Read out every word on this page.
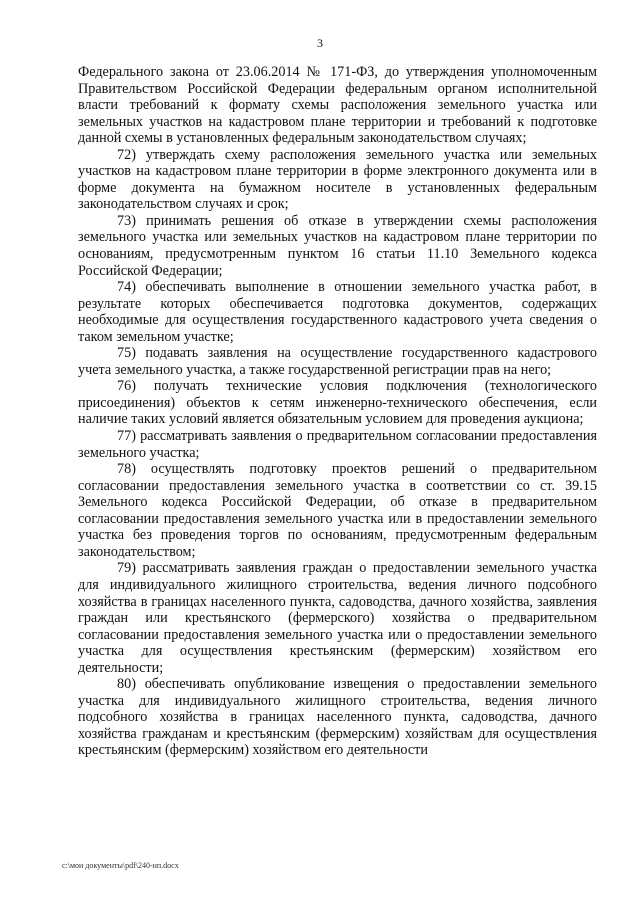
3

Федерального закона от 23.06.2014 № 171-ФЗ, до утверждения уполномоченным Правительством Российской Федерации федеральным органом исполнительной власти требований к формату схемы расположения земельного участка или земельных участков на кадастровом плане территории и требований к подготовке данной схемы в установленных федеральным законодательством случаях;

72) утверждать схему расположения земельного участка или земельных участков на кадастровом плане территории в форме электронного документа или в форме документа на бумажном носителе в установленных федеральным законодательством случаях и срок;

73) принимать решения об отказе в утверждении схемы расположения земельного участка или земельных участков на кадастровом плане территории по основаниям, предусмотренным пунктом 16 статьи 11.10 Земельного кодекса Российской Федерации;

74) обеспечивать выполнение в отношении земельного участка работ, в результате которых обеспечивается подготовка документов, содержащих необходимые для осуществления государственного кадастрового учета сведения о таком земельном участке;

75) подавать заявления на осуществление государственного кадастрового учета земельного участка, а также государственной регистрации прав на него;

76) получать технические условия подключения (технологического присоединения) объектов к сетям инженерно-технического обеспечения, если наличие таких условий является обязательным условием для проведения аукциона;

77) рассматривать заявления о предварительном согласовании предоставления земельного участка;

78) осуществлять подготовку проектов решений о предварительном согласовании предоставления земельного участка в соответствии со ст. 39.15 Земельного кодекса Российской Федерации, об отказе в предварительном согласовании предоставления земельного участка или в предоставлении земельного участка без проведения торгов по основаниям, предусмотренным федеральным законодательством;

79) рассматривать заявления граждан о предоставлении земельного участка для индивидуального жилищного строительства, ведения личного подсобного хозяйства в границах населенного пункта, садоводства, дачного хозяйства, заявления граждан или крестьянского (фермерского) хозяйства о предварительном согласовании предоставления земельного участка или о предоставлении земельного участка для осуществления крестьянским (фермерским) хозяйством его деятельности;

80) обеспечивать опубликование извещения о предоставлении земельного участка для индивидуального жилищного строительства, ведения личного подсобного хозяйства в границах населенного пункта, садоводства, дачного хозяйства гражданам и крестьянским (фермерским) хозяйствам для осуществления крестьянским (фермерским) хозяйством его деятельности

c:\мои документы\pdf\240-нп.docx
